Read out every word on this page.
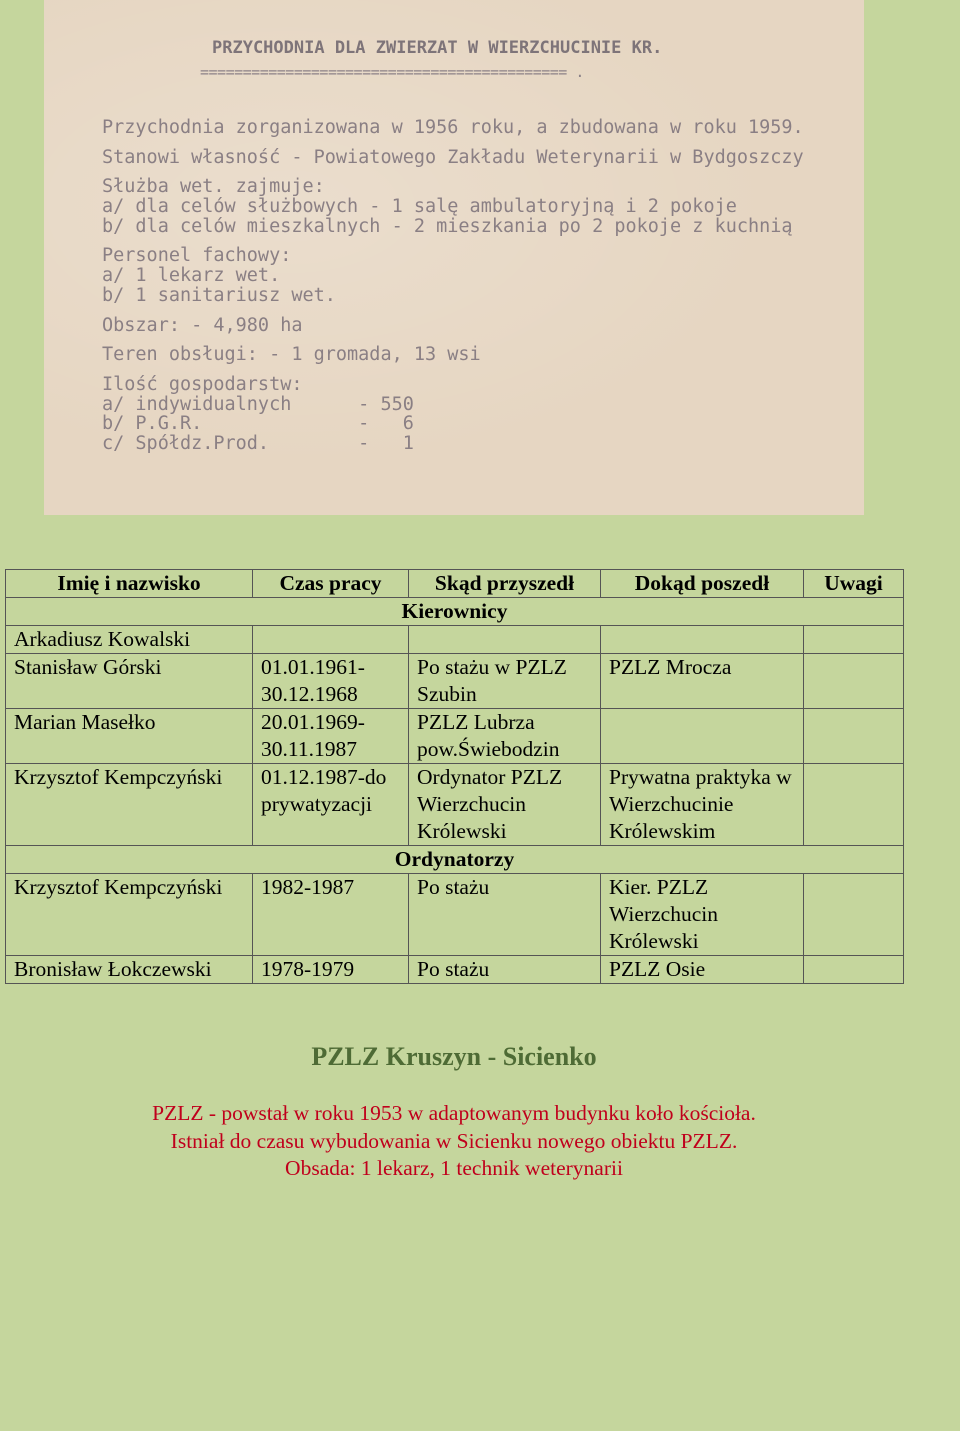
PRZYCHODNIA DLA ZWIERZAT W WIERZCHUCINIE KR.
=========================================== .
Przychodnia zorganizowana w 1956 roku, a zbudowana w roku 1959.
Stanowi własność - Powiatowego Zakładu Weterynarii w Bydgoszczy
Służba wet. zajmuje:
a/ dla celów służbowych - 1 salę ambulatoryjną i 2 pokoje
b/ dla celów mieszkalnych - 2 mieszkania po 2 pokoje z kuchnią
Personel fachowy:
a/ 1 lekarz wet.
b/ 1 sanitariusz wet.
Obszar: - 4,980 ha
Teren obsługi: - 1 gromada, 13 wsi
Ilość gospodarstw:
a/ indywidualnych      - 550
b/ P.G.R.              -   6
c/ Spółdz.Prod.        -   1
Imię i nazwisko	Czas pracy	Skąd przyszedł	Dokąd poszedł	Uwagi
Kierownicy				
Arkadiusz Kowalski				
Stanisław Górski	01.01.1961-30.12.1968	Po stażu w PZLZ Szubin	PZLZ Mrocza	
Marian Masełko	20.01.1969-30.11.1987	PZLZ Lubrza pow.Świebodzin		
Krzysztof Kempczyński	01.12.1987-do prywatyzacji	Ordynator PZLZ Wierzchucin Królewski	Prywatna praktyka w Wierzchucinie Królewskim	
Ordynatorzy				
Krzysztof Kempczyński	1982-1987	Po stażu	Kier. PZLZ Wierzchucin Królewski	
Bronisław Łokczewski	1978-1979	Po stażu	PZLZ Osie	
PZLZ Kruszyn - Sicienko
PZLZ - powstał w roku 1953 w adaptowanym budynku koło kościoła.
Istniał do czasu wybudowania w Sicienku nowego obiektu PZLZ.
Obsada: 1 lekarz, 1 technik weterynarii
